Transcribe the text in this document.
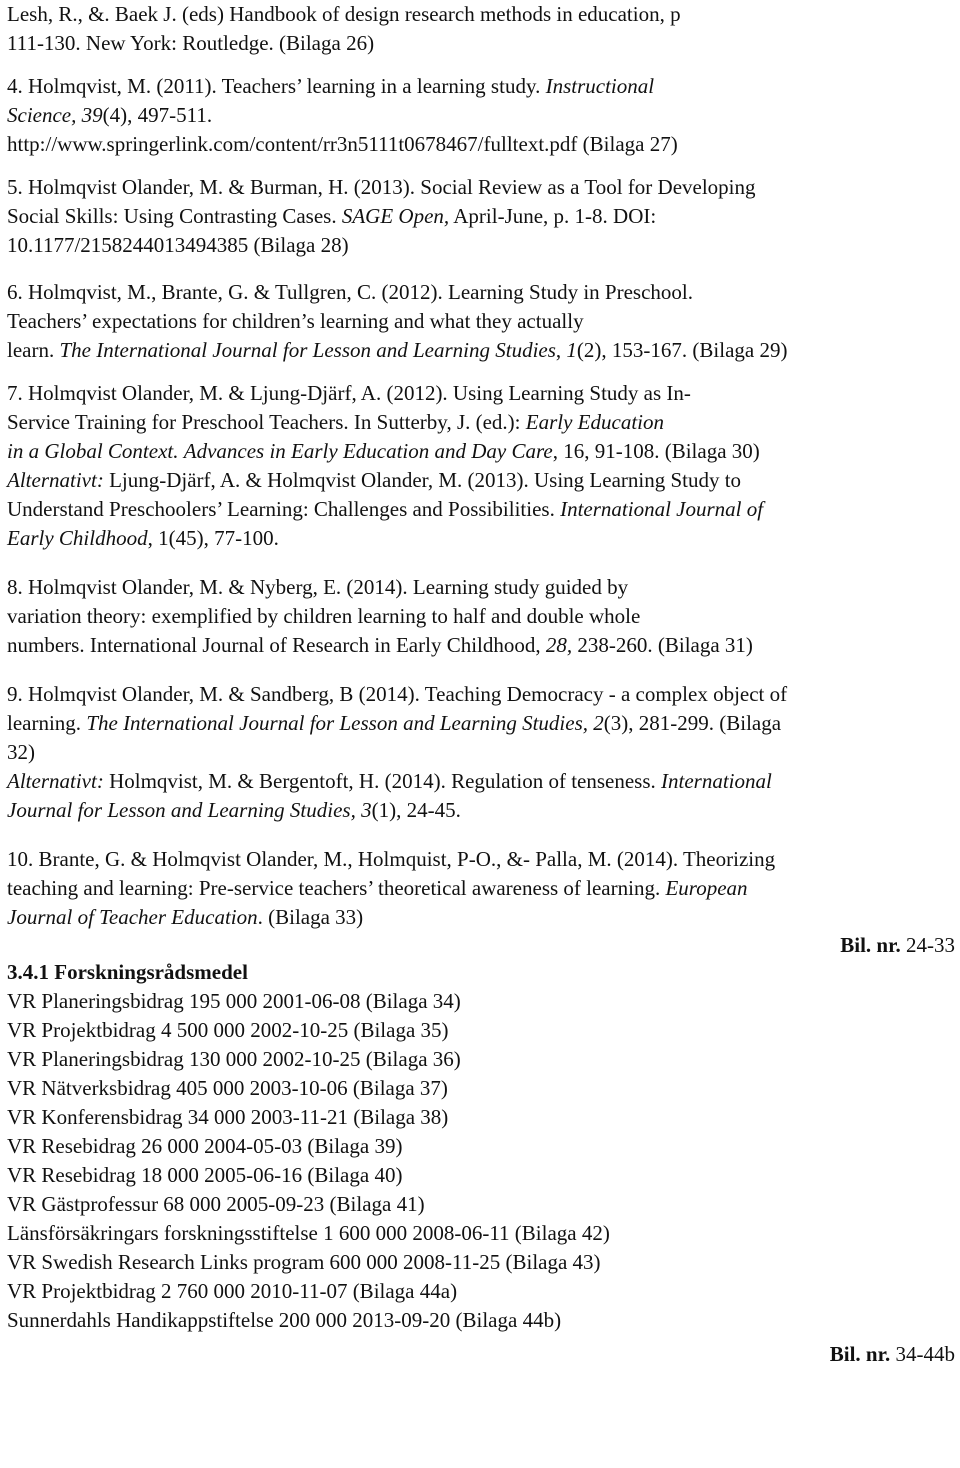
Lesh, R., &. Baek J. (eds) Handbook of design research methods in education, p
111-130. New York: Routledge. (Bilaga 26)
4. Holmqvist, M. (2011). Teachers’ learning in a learning study. Instructional
Science, 39(4), 497-511.
http://www.springerlink.com/content/rr3n5111t0678467/fulltext.pdf (Bilaga 27)
5. Holmqvist Olander, M. & Burman, H. (2013). Social Review as a Tool for Developing
Social Skills: Using Contrasting Cases. SAGE Open, April-June, p. 1-8. DOI:
10.1177/2158244013494385 (Bilaga 28)
6. Holmqvist, M., Brante, G. & Tullgren, C. (2012). Learning Study in Preschool.
Teachers’ expectations for children’s learning and what they actually
learn. The International Journal for Lesson and Learning Studies, 1(2), 153-167. (Bilaga 29)
7. Holmqvist Olander, M. & Ljung-Djärf, A. (2012). Using Learning Study as In-
Service Training for Preschool Teachers. In Sutterby, J. (ed.): Early Education
in a Global Context. Advances in Early Education and Day Care, 16, 91-108. (Bilaga 30)
Alternativt: Ljung-Djärf, A. & Holmqvist Olander, M. (2013). Using Learning Study to
Understand Preschoolers’ Learning: Challenges and Possibilities. International Journal of
Early Childhood, 1(45), 77-100.
8. Holmqvist Olander, M. & Nyberg, E. (2014). Learning study guided by
variation theory: exemplified by children learning to half and double whole
numbers. International Journal of Research in Early Childhood, 28, 238-260. (Bilaga 31)
9. Holmqvist Olander, M. & Sandberg, B (2014). Teaching Democracy - a complex object of
learning. The International Journal for Lesson and Learning Studies, 2(3), 281-299. (Bilaga
32)
Alternativt: Holmqvist, M. & Bergentoft, H. (2014). Regulation of tenseness. International
Journal for Lesson and Learning Studies, 3(1), 24-45.
10. Brante, G. & Holmqvist Olander, M., Holmquist, P-O., &- Palla, M. (2014). Theorizing
teaching and learning: Pre-service teachers’ theoretical awareness of learning. European
Journal of Teacher Education. (Bilaga 33)
Bil. nr. 24-33
3.4.1 Forskningsrådsmedel
VR Planeringsbidrag 195 000 2001-06-08 (Bilaga 34)
VR Projektbidrag 4 500 000 2002-10-25 (Bilaga 35)
VR Planeringsbidrag 130 000 2002-10-25 (Bilaga 36)
VR Nätverksbidrag 405 000 2003-10-06 (Bilaga 37)
VR Konferensbidrag 34 000 2003-11-21 (Bilaga 38)
VR Resebidrag 26 000 2004-05-03 (Bilaga 39)
VR Resebidrag 18 000 2005-06-16 (Bilaga 40)
VR Gästprofessur 68 000 2005-09-23 (Bilaga 41)
Länsförsäkringars forskningsstiftelse 1 600 000 2008-06-11 (Bilaga 42)
VR Swedish Research Links program 600 000 2008-11-25 (Bilaga 43)
VR Projektbidrag 2 760 000 2010-11-07 (Bilaga 44a)
Sunnerdahls Handikappstiftelse 200 000 2013-09-20 (Bilaga 44b)
Bil. nr. 34-44b
